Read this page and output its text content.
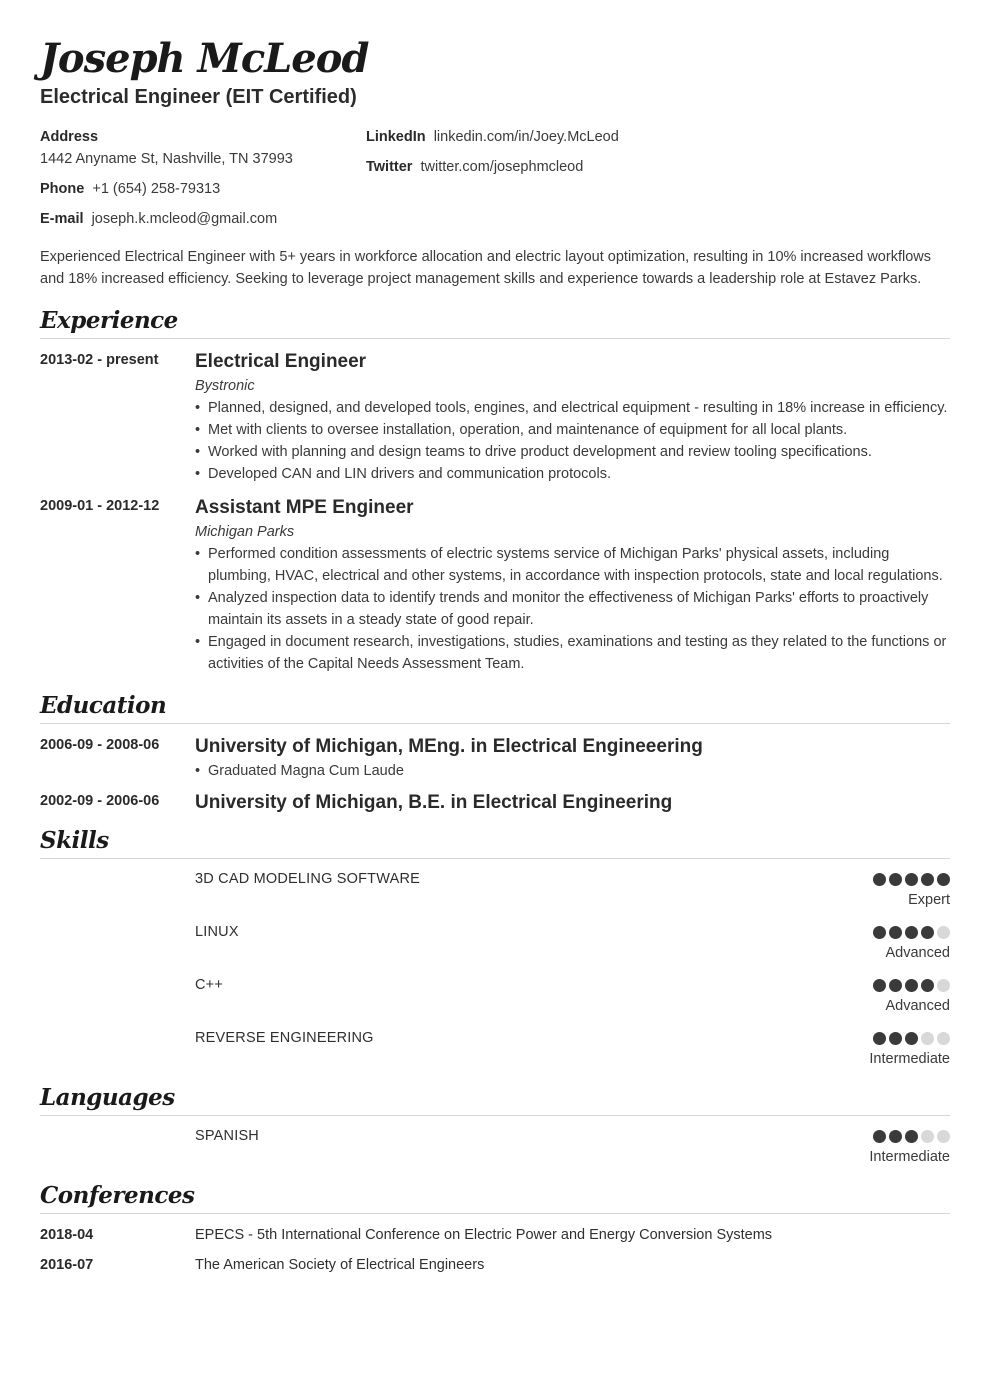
Joseph McLeod
Electrical Engineer (EIT Certified)
Address
1442 Anyname St, Nashville, TN 37993
Phone +1 (654) 258-79313
E-mail joseph.k.mcleod@gmail.com
LinkedIn linkedin.com/in/Joey.McLeod
Twitter twitter.com/josephmcleod
Experienced Electrical Engineer with 5+ years in workforce allocation and electric layout optimization, resulting in 10% increased workflows and 18% increased efficiency. Seeking to leverage project management skills and experience towards a leadership role at Estavez Parks.
Experience
2013-02 - present Electrical Engineer
Bystronic
• Planned, designed, and developed tools, engines, and electrical equipment - resulting in 18% increase in efficiency.
• Met with clients to oversee installation, operation, and maintenance of equipment for all local plants.
• Worked with planning and design teams to drive product development and review tooling specifications.
• Developed CAN and LIN drivers and communication protocols.
2009-01 - 2012-12 Assistant MPE Engineer
Michigan Parks
• Performed condition assessments of electric systems service of Michigan Parks' physical assets, including plumbing, HVAC, electrical and other systems, in accordance with inspection protocols, state and local regulations.
• Analyzed inspection data to identify trends and monitor the effectiveness of Michigan Parks' efforts to proactively maintain its assets in a steady state of good repair.
• Engaged in document research, investigations, studies, examinations and testing as they related to the functions or activities of the Capital Needs Assessment Team.
Education
2006-09 - 2008-06 University of Michigan, MEng. in Electrical Engineeering
• Graduated Magna Cum Laude
2002-09 - 2006-06 University of Michigan, B.E. in Electrical Engineering
Skills
3D CAD MODELING SOFTWARE
Expert
LINUX
Advanced
C++
Advanced
REVERSE ENGINEERING
Intermediate
Languages
SPANISH
Intermediate
Conferences
2018-04	EPECS - 5th International Conference on Electric Power and Energy Conversion Systems
2016-07	The American Society of Electrical Engineers
